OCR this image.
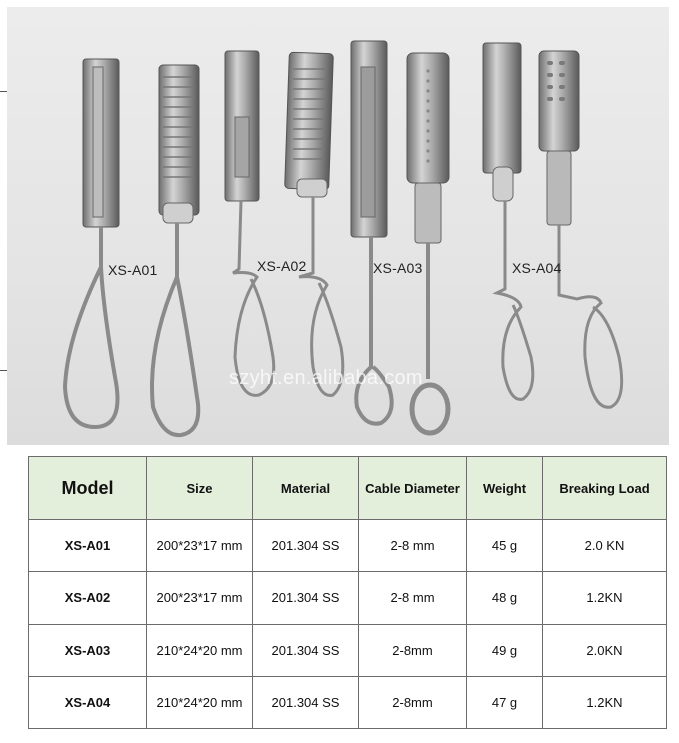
XS-A01	XS-A02	XS-A03	XS-A04
szyht.en.alibaba.com
Model	Size	Material	Cable Diameter	Weight	Breaking Load
XS-A01	200*23*17 mm	201.304 SS	2-8 mm	45 g	2.0 KN
XS-A02	200*23*17 mm	201.304 SS	2-8 mm	48 g	1.2KN
XS-A03	210*24*20 mm	201.304 SS	2-8mm	49 g	2.0KN
XS-A04	210*24*20 mm	201.304 SS	2-8mm	47 g	1.2KN
